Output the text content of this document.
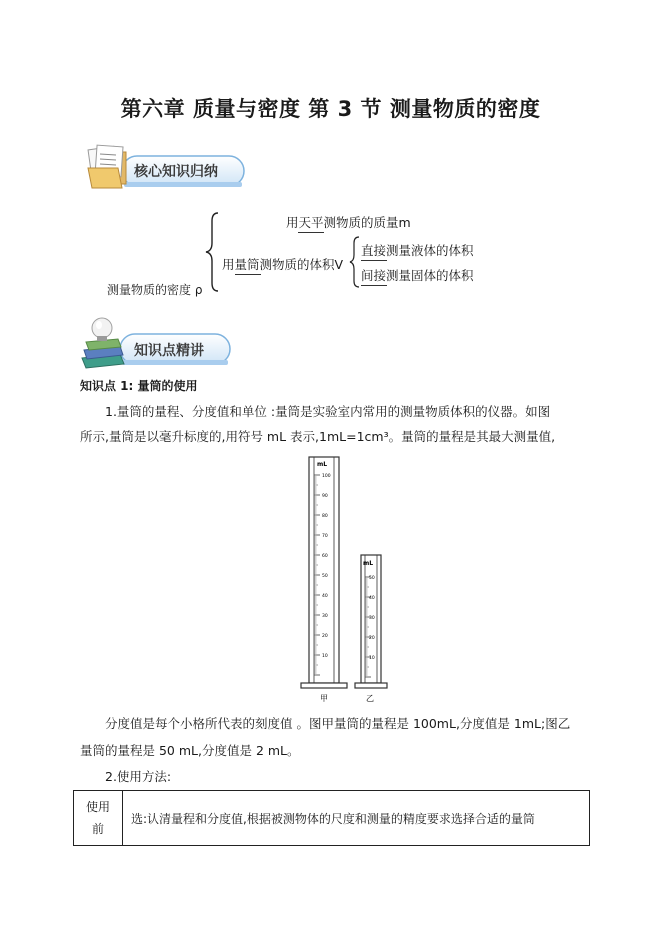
第六章 质量与密度 第 3 节 测量物质的密度
核心知识归纳
用天平测物质的质量m
用量筒测物质的体积V
直接测量液体的体积
间接测量固体的体积
测量物质的密度 ρ
知识点精讲
知识点 1: 量筒的使用
1.量筒的量程、分度值和单位 :量筒是实验室内常用的测量物质体积的仪器。如图
所示,量筒是以毫升标度的,用符号 mL 表示,1mL=1cm³。量筒的量程是其最大测量值,
100
90
80
70
60
50
40
30
20
10
mL
甲
50
40
30
20
10
mL
乙
分度值是每个小格所代表的刻度值 。图甲量筒的量程是 100mL,分度值是 1mL;图乙
量筒的量程是 50 mL,分度值是 2 mL。
2.使用方法:
使用
前
	选:认清量程和分度值,根据被测物体的尺度和测量的精度要求选择合适的量筒
